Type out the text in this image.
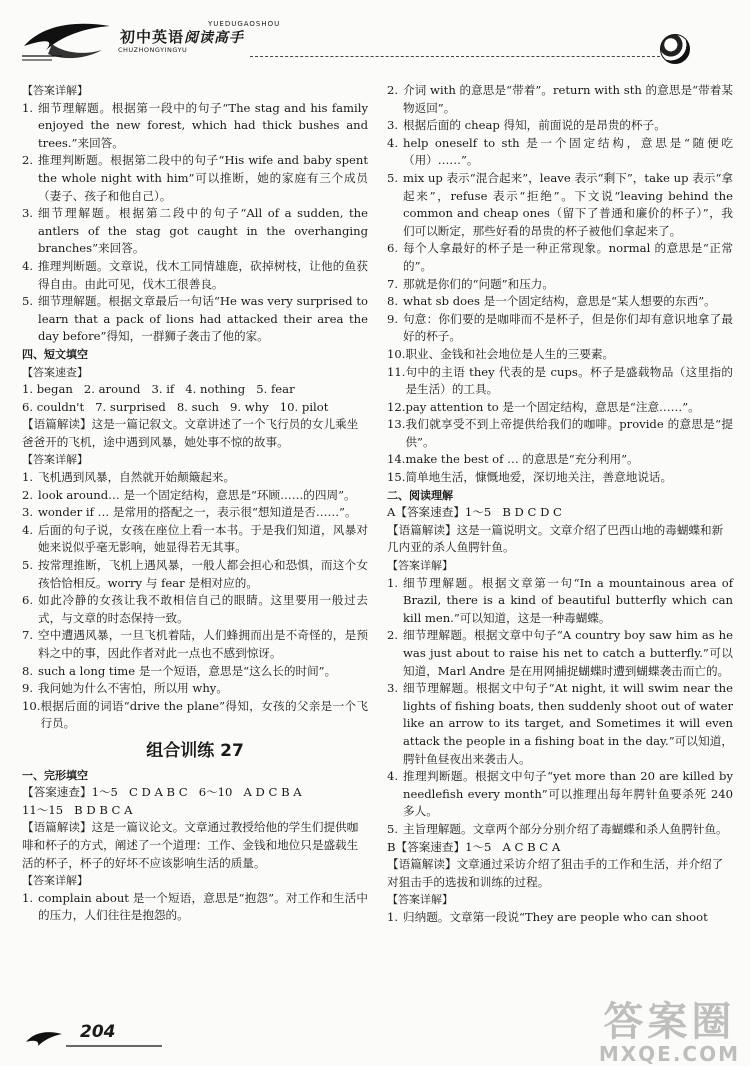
初中英语阅读高手
YUEDUGAOSHOU
CHUZHONGYINGYU

【答案详解】

1. 细节理解题。根据第一段中的句子“The stag and his family enjoyed the new forest, which had thick bushes and trees.”来回答。
2. 推理判断题。根据第二段中的句子“His wife and baby spent the whole night with him”可以推断，她的家庭有三个成员（妻子、孩子和他自己）。
3. 细节理解题。根据第二段中的句子“All of a sudden, the antlers of the stag got caught in the overhanging branches”来回答。
4. 推理判断题。文章说，伐木工同情雄鹿，砍掉树枝，让他的鱼获得自由。由此可见，伐木工很善良。
5. 细节理解题。根据文章最后一句话“He was very surprised to learn that a pack of lions had attacked their area the day before”得知，一群狮子袭击了他的家。

四、短文填空

【答案速查】

1. began   2. around   3. if   4. nothing   5. fear

6. couldn't   7. surprised   8. such   9. why   10. pilot

【语篇解读】这是一篇记叙文。文章讲述了一个飞行员的女儿乘坐爸爸开的飞机，途中遇到风暴，她处事不惊的故事。

【答案详解】

1. 飞机遇到风暴，自然就开始颠簸起来。
2. look around… 是一个固定结构，意思是“环顾……的四周”。
3. wonder if … 是常用的搭配之一，表示很“想知道是否……”。
4. 后面的句子说，女孩在座位上看一本书。于是我们知道，风暴对她来说似乎毫无影响，她显得若无其事。
5. 按常理推断，飞机上遇风暴，一般人都会担心和恐惧，而这个女孩恰恰相反。worry 与 fear 是相对应的。
6. 如此冷静的女孩让我不敢相信自己的眼睛。这里要用一般过去式，与文章的时态保持一致。
7. 空中遭遇风暴，一旦飞机着陆，人们蜂拥而出是不奇怪的，是预料之中的事，因此作者对此一点也不感到惊讶。
8. such a long time 是一个短语，意思是“这么长的时间”。
9. 我问她为什么不害怕，所以用 why。
10. 根据后面的词语“drive the plane”得知，女孩的父亲是一个飞行员。

组合训练 27

一、完形填空

【答案速查】1～5   C D A B C   6～10   A D C B A

11～15   B D B C A

【语篇解读】这是一篇议论文。文章通过教授给他的学生们提供咖啡和杯子的方式，阐述了一个道理：工作、金钱和地位只是盛载生活的杯子，杯子的好坏不应该影响生活的质量。

【答案详解】

1. complain about 是一个短语，意思是“抱怨”。对工作和生活中的压力，人们往往是抱怨的。
2. 介词 with 的意思是“带着”。return with sth 的意思是“带着某物返回”。
3. 根据后面的 cheap 得知，前面说的是昂贵的杯子。
4. help oneself to sth 是一个固定结构，意思是“随便吃（用）……”。
5. mix up 表示“混合起来”，leave 表示“剩下”，take up 表示“拿起来”，refuse 表示“拒绝”。下文说“leaving behind the common and cheap ones（留下了普通和廉价的杯子）”，我们可以断定，那些好看的昂贵的杯子被他们拿起来了。
6. 每个人拿最好的杯子是一种正常现象。normal 的意思是“正常的”。
7. 那就是你们的“问题”和压力。
8. what sb does 是一个固定结构，意思是“某人想要的东西”。
9. 句意：你们要的是咖啡而不是杯子，但是你们却有意识地拿了最好的杯子。
10. 职业、金钱和社会地位是人生的三要素。
11. 句中的主语 they 代表的是 cups。杯子是盛载物品（这里指的是生活）的工具。
12. pay attention to 是一个固定结构，意思是“注意……”。
13. 我们就享受不到上帝提供给我们的咖啡。provide 的意思是“提供”。
14. make the best of … 的意思是“充分利用”。
15. 简单地生活，慷慨地爱，深切地关注，善意地说话。

二、阅读理解

A【答案速查】1～5   B D C D C

【语篇解读】这是一篇说明文。文章介绍了巴西山地的毒蝴蝶和新几内亚的杀人鱼腭针鱼。

【答案详解】

1. 细节理解题。根据文章第一句“In a mountainous area of Brazil, there is a kind of beautiful butterfly which can kill men.”可以知道，这是一种毒蝴蝶。
2. 细节理解题。根据文章中句子“A country boy saw him as he was just about to raise his net to catch a butterfly.”可以知道，Marl Andre 是在用网捕捉蝴蝶时遭到蝴蝶袭击而亡的。
3. 细节理解题。根据文中句子“At night, it will swim near the lights of fishing boats, then suddenly shoot out of water like an arrow to its target, and Sometimes it will even attack the people in a fishing boat in the day.”可以知道，腭针鱼昼夜出来袭击人。
4. 推理判断题。根据文中句子“yet more than 20 are killed by needlefish every month”可以推理出每年腭针鱼要杀死 240 多人。
5. 主旨理解题。文章两个部分分别介绍了毒蝴蝶和杀人鱼腭针鱼。

B【答案速查】1～5   A C B C A

【语篇解读】文章通过采访介绍了狙击手的工作和生活，并介绍了对狙击手的选拔和训练的过程。

【答案详解】

1. 归纳题。文章第一段说“They are people who can shoot
204	答案圈
MXQE.COM
